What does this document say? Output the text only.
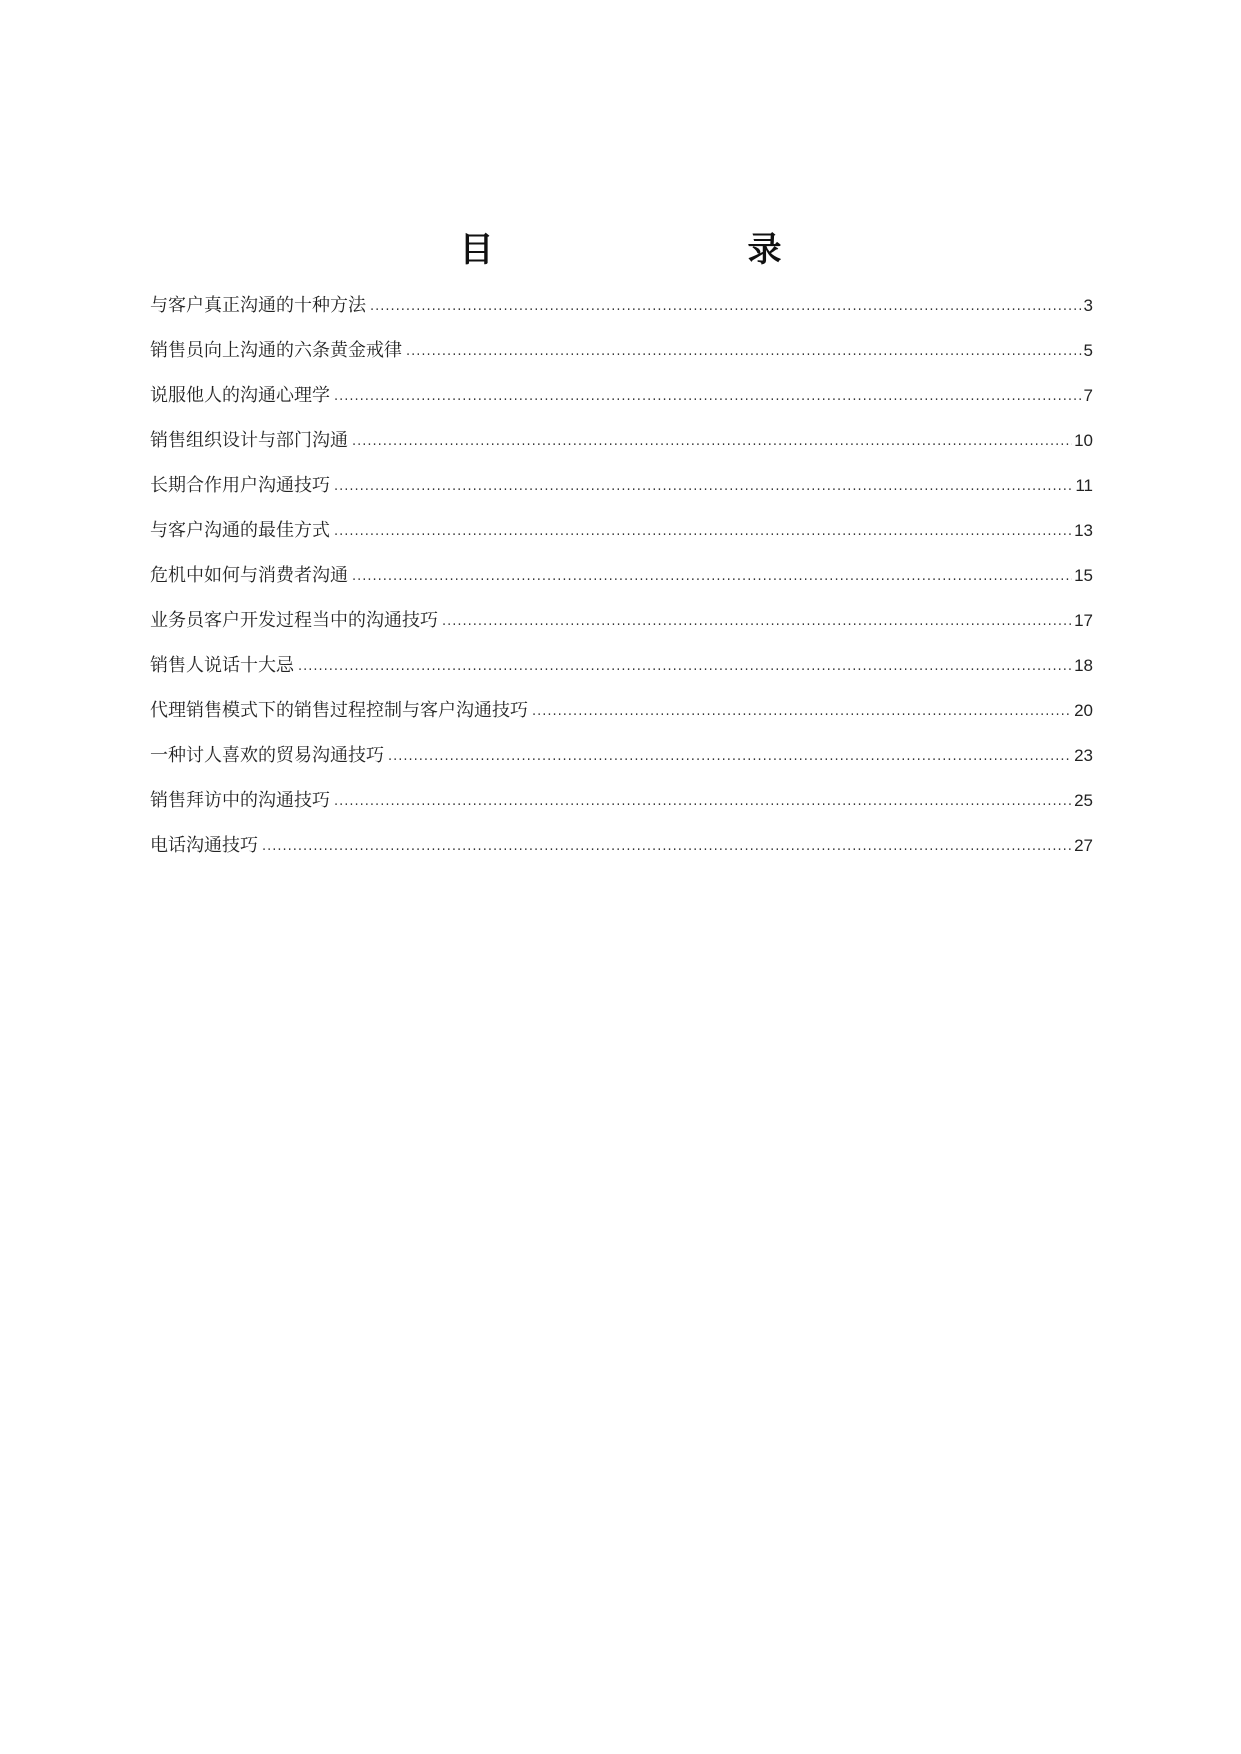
目　　录
与客户真正沟通的十种方法 .....	3
销售员向上沟通的六条黄金戒律 .....	5
说服他人的沟通心理学 .....	7
销售组织设计与部门沟通 .....	10
长期合作用户沟通技巧 .....	11
与客户沟通的最佳方式 .....	13
危机中如何与消费者沟通 .....	15
业务员客户开发过程当中的沟通技巧 .....	17
销售人说话十大忌 .....	18
代理销售模式下的销售过程控制与客户沟通技巧 .....	20
一种讨人喜欢的贸易沟通技巧 .....	23
销售拜访中的沟通技巧 .....	25
电话沟通技巧 .....	27
